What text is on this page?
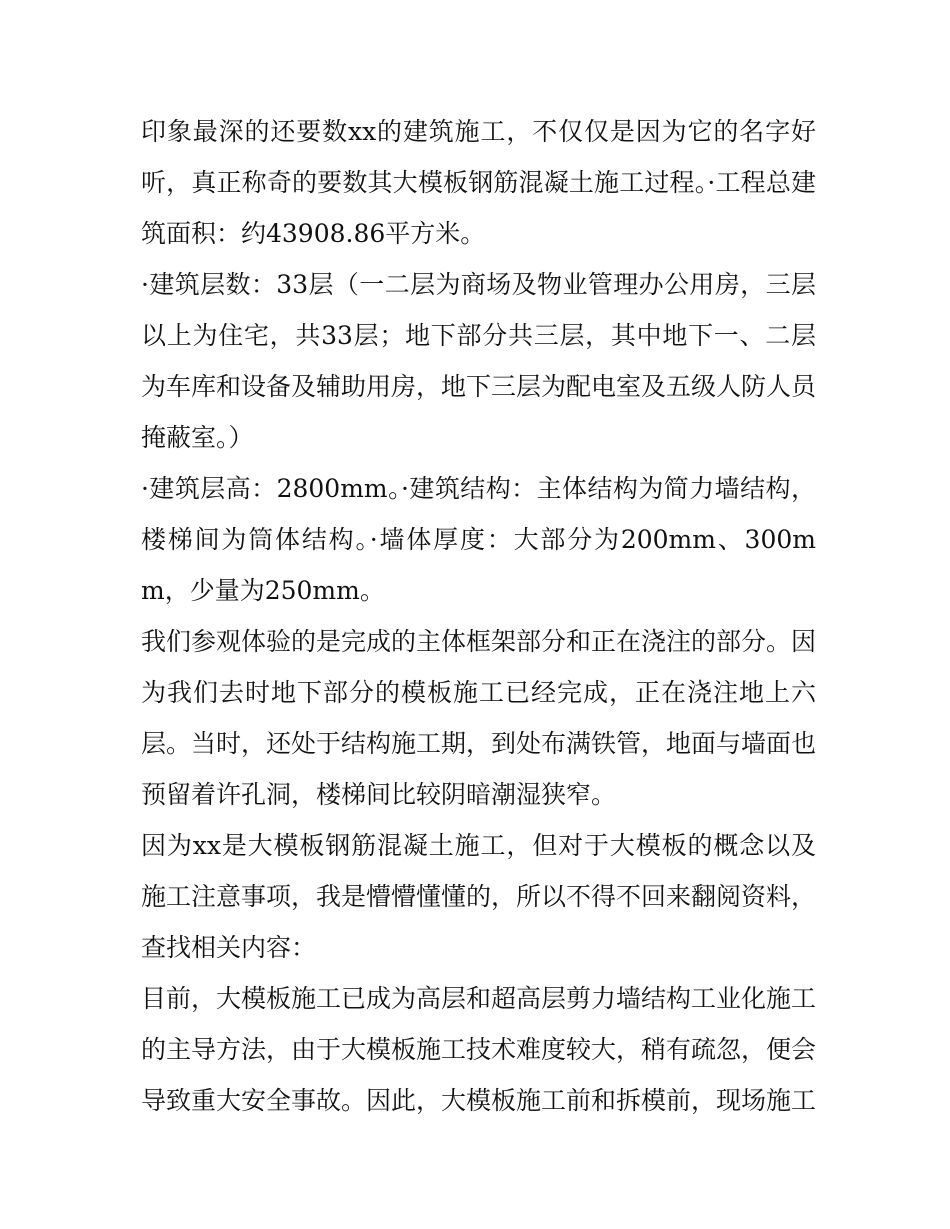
印象最深的还要数xx的建筑施工，不仅仅是因为它的名字好听，真正称奇的要数其大模板钢筋混凝土施工过程。·工程总建筑面积：约43908.86平方米。

·建筑层数：33层（一二层为商场及物业管理办公用房，三层以上为住宅，共33层；地下部分共三层，其中地下一、二层为车库和设备及辅助用房，地下三层为配电室及五级人防人员掩蔽室。）

·建筑层高：2800mm。·建筑结构：主体结构为简力墙结构，楼梯间为筒体结构。·墙体厚度：大部分为200mm、300mm，少量为250mm。

我们参观体验的是完成的主体框架部分和正在浇注的部分。因为我们去时地下部分的模板施工已经完成，正在浇注地上六层。当时，还处于结构施工期，到处布满铁管，地面与墙面也预留着许孔洞，楼梯间比较阴暗潮湿狭窄。

因为xx是大模板钢筋混凝土施工，但对于大模板的概念以及施工注意事项，我是懵懵懂懂的，所以不得不回来翻阅资料，查找相关内容：

目前，大模板施工已成为高层和超高层剪力墙结构工业化施工的主导方法，由于大模板施工技术难度较大，稍有疏忽，便会导致重大安全事故。因此，大模板施工前和拆模前，现场施工
